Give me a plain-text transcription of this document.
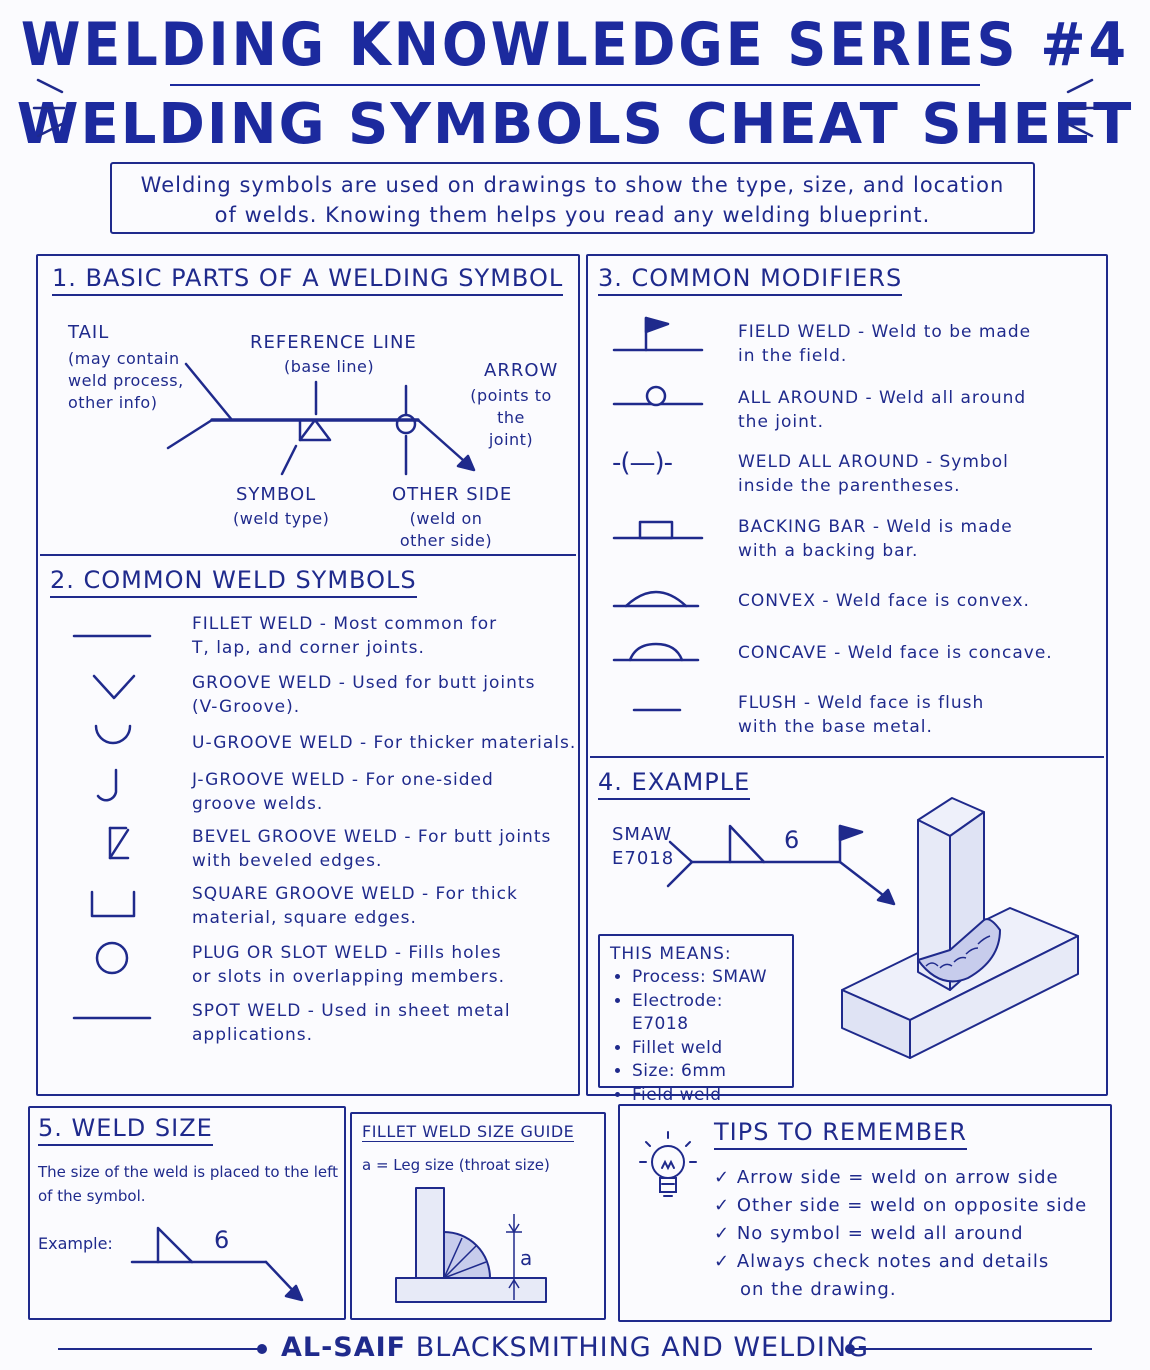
WELDING KNOWLEDGE SERIES #4
WELDING SYMBOLS CHEAT SHEET
Welding symbols are used on drawings to show the type, size, and location
of welds. Knowing them helps you read any welding blueprint.
1. BASIC PARTS OF A WELDING SYMBOL
TAIL
(may contain
weld process,
other info)
REFERENCE LINE
(base line)	ARROW
(points to the
joint)
SYMBOL
(weld type)
OTHER SIDE
(weld on
other side)
2. COMMON WELD SYMBOLS
FILLET WELD - Most common for
T, lap, and corner joints.
GROOVE WELD - Used for butt joints
(V-Groove).
U-GROOVE WELD - For thicker materials.
J-GROOVE WELD - For one-sided
groove welds.
BEVEL GROOVE WELD - For butt joints
with beveled edges.
SQUARE GROOVE WELD - For thick
material, square edges.
PLUG OR SLOT WELD - Fills holes
or slots in overlapping members.
SPOT WELD - Used in sheet metal
applications.
3. COMMON MODIFIERS
-(—)-
FIELD WELD - Weld to be made
in the field.
ALL AROUND - Weld all around
the joint.
WELD ALL AROUND - Symbol
inside the parentheses.
BACKING BAR - Weld is made
with a backing bar.
CONVEX - Weld face is convex.
CONCAVE - Weld face is concave.
FLUSH - Weld face is flush
with the base metal.
4. EXAMPLE
SMAW
E7018
6
THIS MEANS:
• Process: SMAW
• Electrode: E7018
• Fillet weld
• Size: 6mm
• Field weld
5. WELD SIZE
The size of the weld is placed to the left
of the symbol.
Example:	6
FILLET WELD SIZE GUIDE
a = Leg size (throat size)
a
TIPS TO REMEMBER
✓ Arrow side = weld on arrow side
✓ Other side = weld on opposite side
✓ No symbol = weld all around
✓ Always check notes and details
on the drawing.
AL-SAIF BLACKSMITHING AND WELDING
